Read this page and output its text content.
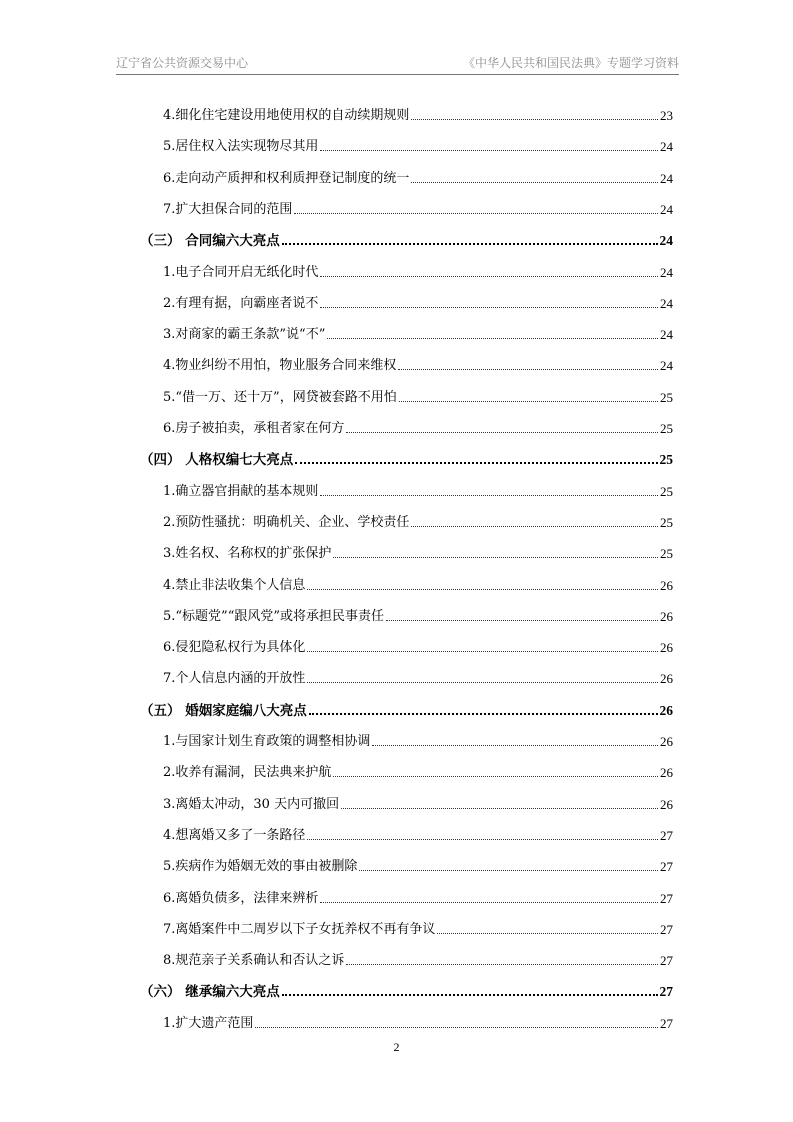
辽宁省公共资源交易中心	《中华人民共和国民法典》专题学习资料
4.细化住宅建设用地使用权的自动续期规则	23
5.居住权入法实现物尽其用	24
6.走向动产质押和权利质押登记制度的统一	24
7.扩大担保合同的范围	24
（三） 合同编六大亮点	24
1.电子合同开启无纸化时代	24
2.有理有据，向霸座者说不	24
3.对商家的霸王条款”说“不”	24
4.物业纠纷不用怕，物业服务合同来维权	24
5.“借一万、还十万”，网贷被套路不用怕	25
6.房子被拍卖，承租者家在何方	25
（四） 人格权编七大亮点	25
1.确立器官捐献的基本规则	25
2.预防性骚扰：明确机关、企业、学校责任	25
3.姓名权、名称权的扩张保护	25
4.禁止非法收集个人信息	26
5.“标题党”“跟风党”或将承担民事责任	26
6.侵犯隐私权行为具体化	26
7.个人信息内涵的开放性	26
（五） 婚姻家庭编八大亮点	26
1.与国家计划生育政策的调整相协调	26
2.收养有漏洞，民法典来护航	26
3.离婚太冲动，30 天内可撤回	26
4.想离婚又多了一条路径	27
5.疾病作为婚姻无效的事由被删除	27
6.离婚负债多，法律来辨析	27
7.离婚案件中二周岁以下子女抚养权不再有争议	27
8.规范亲子关系确认和否认之诉	27
（六） 继承编六大亮点	27
1.扩大遗产范围	27
2
